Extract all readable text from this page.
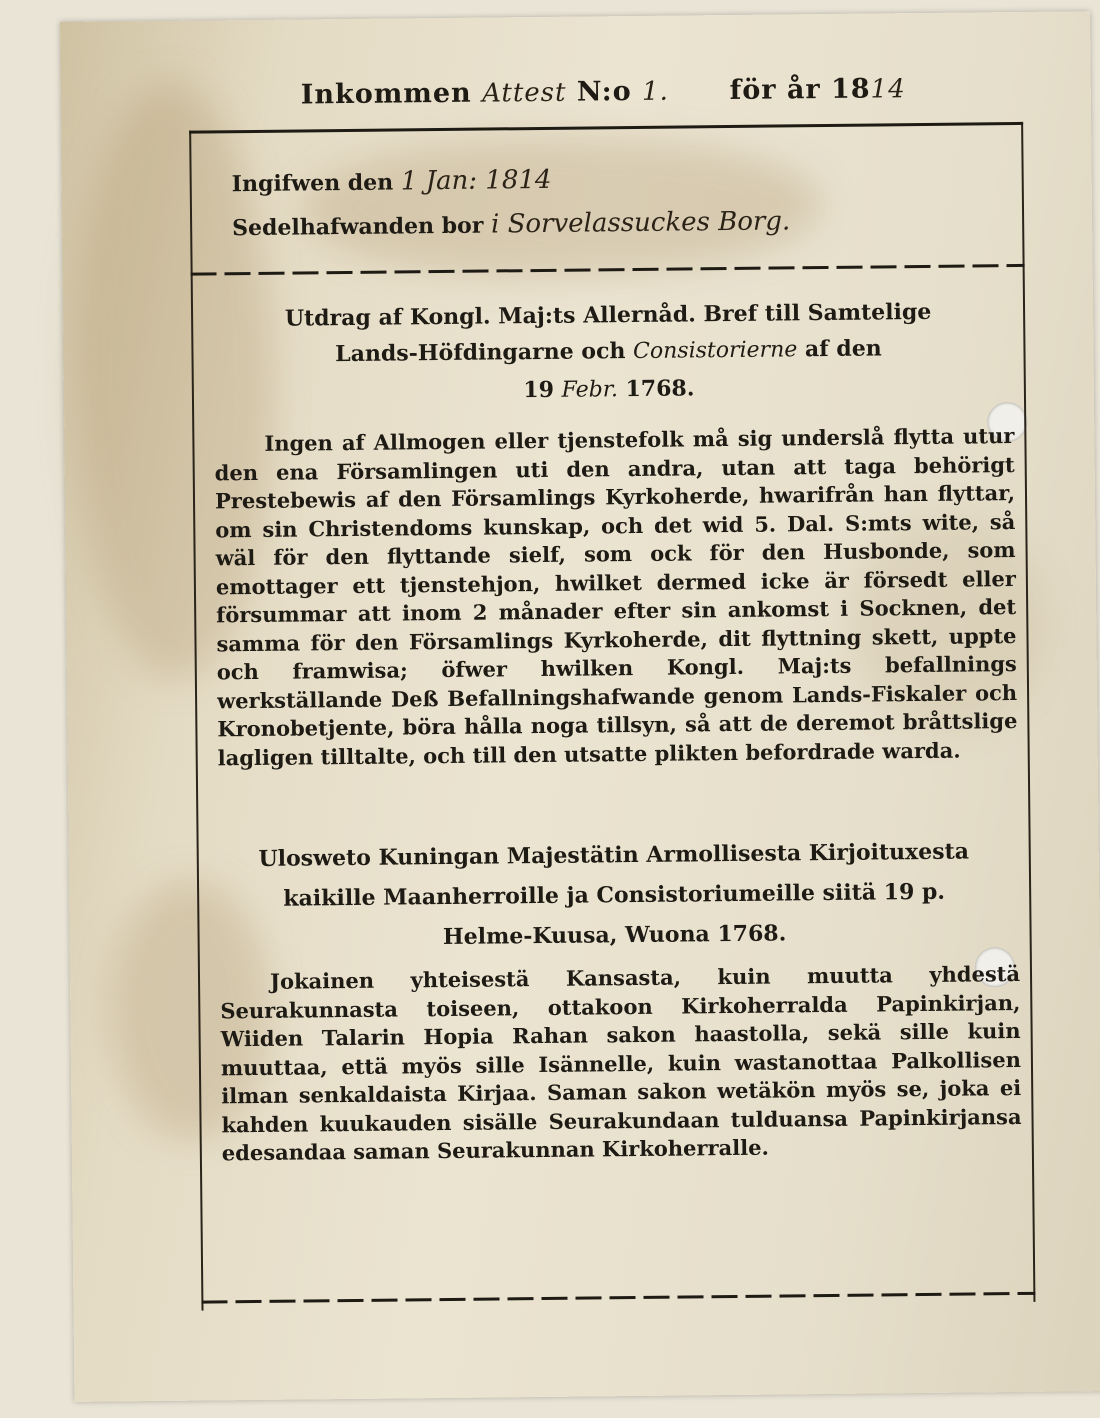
Inkommen Attest N:o 1. för år 1814
Ingifwen den 1 Jan: 1814
Sedelhafwanden bor i Sorvelassuckes Borg.
Utdrag af Kongl. Maj:ts Allernåd. Bref till Samtelige
Lands-Höfdingarne och Consistorierne af den
19 Febr. 1768.
Ingen af Allmogen eller tjenstefolk må sig underslå flytta utur den ena Församlingen uti den andra, utan att taga behörigt Prestebewis af den Församlings Kyrkoherde, hwarifrån han flyttar, om sin Christendoms kunskap, och det wid 5. Dal. S:mts wite, så wäl för den flyttande sielf, som ock för den Husbonde, som emottager ett tjenstehjon, hwilket dermed icke är försedt eller försummar att inom 2 månader efter sin ankomst i Socknen, det samma för den Församlings Kyrkoherde, dit flyttning skett, uppte och framwisa; öfwer hwilken Kongl. Maj:ts befallnings werkställande Deß Befallningshafwande genom Lands-Fiskaler och Kronobetjente, böra hålla noga tillsyn, så att de deremot bråttslige lagligen tilltalte, och till den utsatte plikten befordrade warda.
Ulosweto Kuningan Majestätin Armollisesta Kirjoituxesta
kaikille Maanherroille ja Consistoriumeille siitä 19 p.
Helme-Kuusa, Wuona 1768.
Jokainen yhteisestä Kansasta, kuin muutta yhdestä Seurakunnasta toiseen, ottakoon Kirkoherralda Papinkirjan, Wiiden Talarin Hopia Rahan sakon haastolla, sekä sille kuin muuttaa, että myös sille Isännelle, kuin wastanottaa Palkollisen ilman senkaldaista Kirjaa. Saman sakon wetäkön myös se, joka ei kahden kuukauden sisälle Seurakundaan tulduansa Papinkirjansa edesandaa saman Seurakunnan Kirkoherralle.
